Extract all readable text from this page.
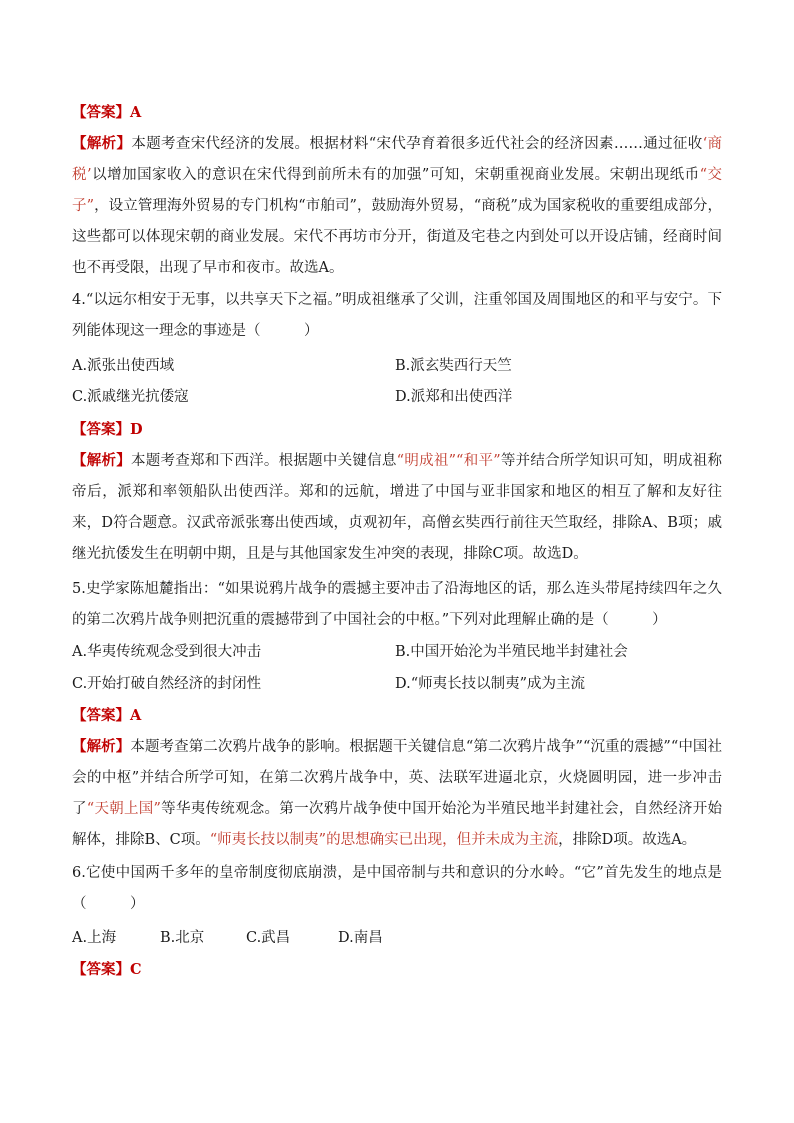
【答案】A
【解析】本题考查宋代经济的发展。根据材料“宋代孕育着很多近代社会的经济因素……通过征收‘商税’以增加国家收入的意识在宋代得到前所未有的加强”可知，宋朝重视商业发展。宋朝出现纸币“交子”，设立管理海外贸易的专门机构“市舶司”，鼓励海外贸易，“商税”成为国家税收的重要组成部分，这些都可以体现宋朝的商业发展。宋代不再坊市分开，街道及宅巷之内到处可以开设店铺，经商时间也不再受限，出现了早市和夜市。故选A。
4.“以远尔相安于无事，以共享天下之福。”明成祖继承了父训，注重邻国及周围地区的和平与安宁。下列能体现这一理念的事迹是（　　　）
A.派张出使西域	B.派玄奘西行天竺
C.派戚继光抗倭寇	D.派郑和出使西洋
【答案】D
【解析】本题考查郑和下西洋。根据题中关键信息“明成祖”“和平”等并结合所学知识可知，明成祖称帝后，派郑和率领船队出使西洋。郑和的远航，增进了中国与亚非国家和地区的相互了解和友好往来，D符合题意。汉武帝派张骞出使西域，贞观初年，高僧玄奘西行前往天竺取经，排除A、B项；戚继光抗倭发生在明朝中期，且是与其他国家发生冲突的表现，排除C项。故选D。
5.史学家陈旭麓指出：“如果说鸦片战争的震撼主要冲击了沿海地区的话，那么连头带尾持续四年之久的第二次鸦片战争则把沉重的震撼带到了中国社会的中枢。”下列对此理解止确的是（　　　）
A.华夷传统观念受到很大冲击	B.中国开始沦为半殖民地半封建社会
C.开始打破自然经济的封闭性	D.“师夷长技以制夷”成为主流
【答案】A
【解析】本题考查第二次鸦片战争的影响。根据题干关键信息“第二次鸦片战争”“沉重的震撼”“中国社会的中枢”并结合所学可知，在第二次鸦片战争中，英、法联军进逼北京，火烧圆明园，进一步冲击了“天朝上国”等华夷传统观念。第一次鸦片战争使中国开始沦为半殖民地半封建社会，自然经济开始解体，排除B、C项。“师夷长技以制夷”的思想确实已出现，但并未成为主流，排除D项。故选A。
6.它使中国两千多年的皇帝制度彻底崩溃，是中国帝制与共和意识的分水岭。“它”首先发生的地点是（　　　）
A.上海	B.北京	C.武昌	D.南昌
【答案】C
